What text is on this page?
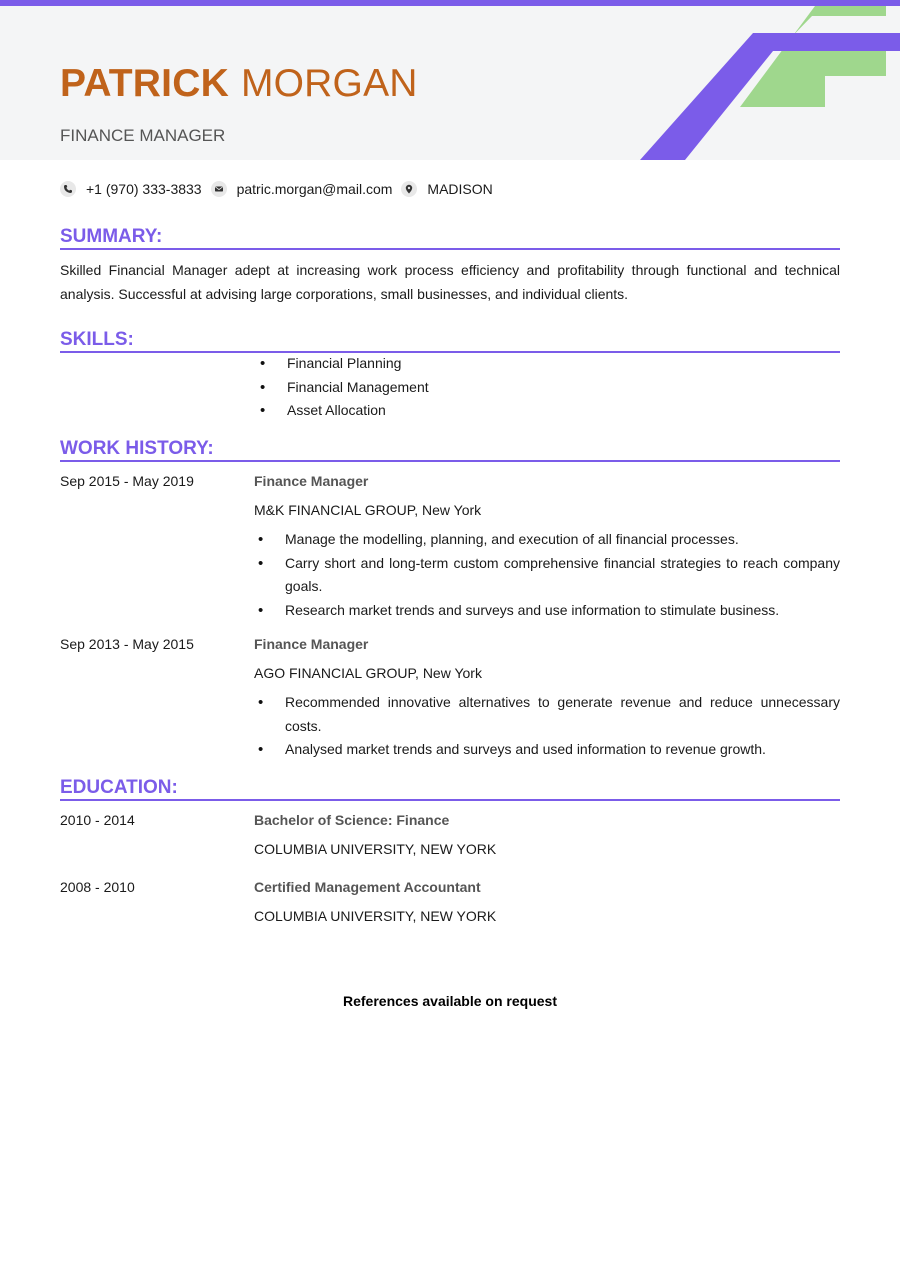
PATRICK MORGAN
FINANCE MANAGER
+1 (970) 333-3833	patric.morgan@mail.com	MADISON
SUMMARY:
Skilled Financial Manager adept at increasing work process efficiency and profitability through functional and technical analysis. Successful at advising large corporations, small businesses, and individual clients.
SKILLS:
• Financial Planning
• Financial Management
• Asset Allocation
WORK HISTORY:
Sep 2015 - May 2019	Finance Manager
M&K FINANCIAL GROUP, New York
• Manage the modelling, planning, and execution of all financial processes.
• Carry short and long-term custom comprehensive financial strategies to reach company goals.
• Research market trends and surveys and use information to stimulate business.
Sep 2013 - May 2015	Finance Manager
AGO FINANCIAL GROUP, New York
• Recommended innovative alternatives to generate revenue and reduce unnecessary costs.
• Analysed market trends and surveys and used information to revenue growth.
EDUCATION:
2010 - 2014	Bachelor of Science: Finance
COLUMBIA UNIVERSITY, NEW YORK
2008 - 2010	Certified Management Accountant
COLUMBIA UNIVERSITY, NEW YORK
References available on request
